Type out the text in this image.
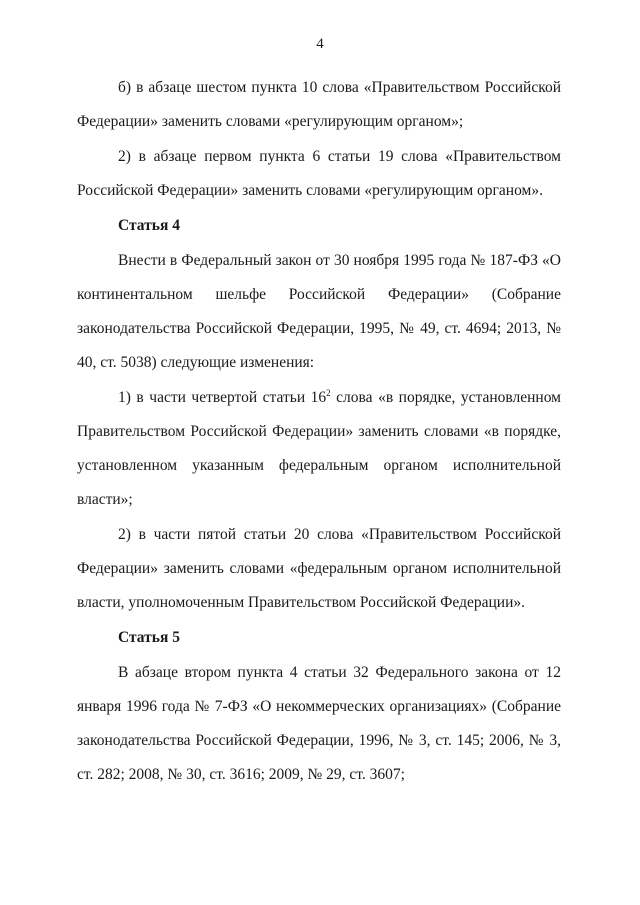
4

б) в абзаце шестом пункта 10 слова «Правительством Российской Федерации» заменить словами «регулирующим органом»;

2) в абзаце первом пункта 6 статьи 19 слова «Правительством Российской Федерации» заменить словами «регулирующим органом».

Статья 4

Внести в Федеральный закон от 30 ноября 1995 года № 187-ФЗ «О континентальном шельфе Российской Федерации» (Собрание законодательства Российской Федерации, 1995, № 49, ст. 4694; 2013, № 40, ст. 5038) следующие изменения:

1) в части четвертой статьи $16^2$ слова «в порядке, установленном Правительством Российской Федерации» заменить словами «в порядке, установленном указанным федеральным органом исполнительной власти»;

2) в части пятой статьи 20 слова «Правительством Российской Федерации» заменить словами «федеральным органом исполнительной власти, уполномоченным Правительством Российской Федерации».

Статья 5

В абзаце втором пункта 4 статьи 32 Федерального закона от 12 января 1996 года № 7-ФЗ «О некоммерческих организациях» (Собрание законодательства Российской Федерации, 1996, № 3, ст. 145; 2006, № 3, ст. 282; 2008, № 30, ст. 3616; 2009, № 29, ст. 3607;
